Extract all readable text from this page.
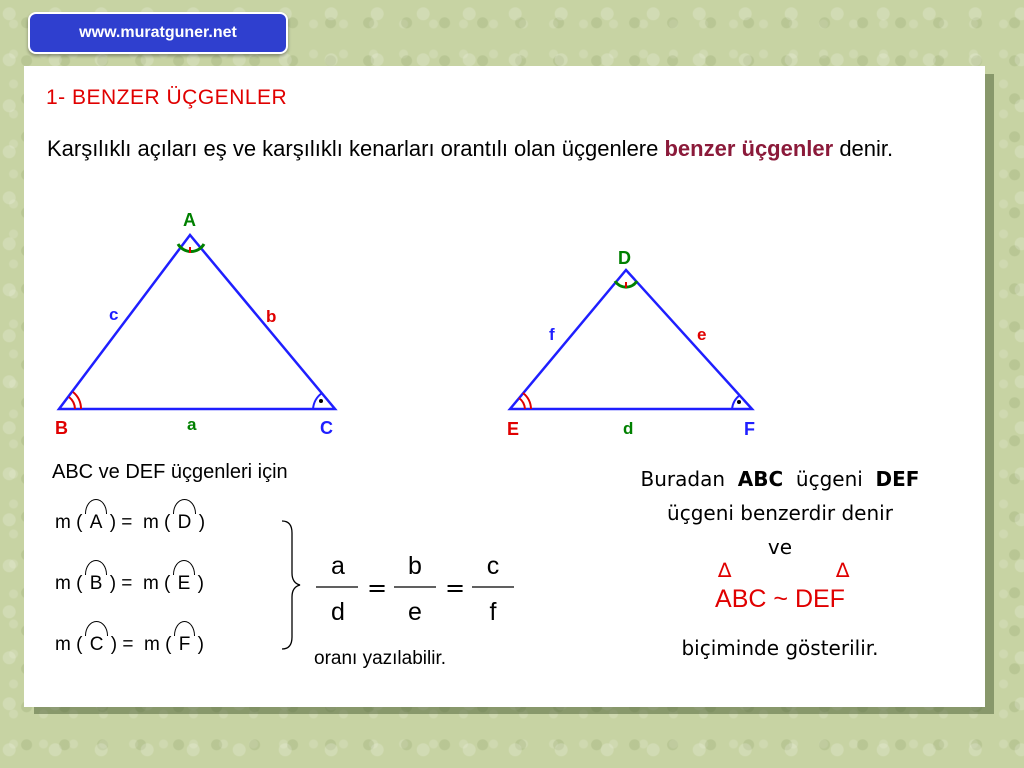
www.muratguner.net
1- BENZER ÜÇGENLER
Karşılıklı açıları eş ve karşılıklı kenarları orantılı olan üçgenlere benzer üçgenler denir.
A
B	C
c	b
a
D
E	F
f	e
d
a
d
=
b
e
=
c
f
ABC ve DEF üçgenleri için
m ( A ) = m ( D )
m ( B ) = m ( E )
m ( C ) = m ( F )
oranı yazılabilir.
Buradan ABC üçgeni DEF
üçgeni benzerdir denir
ve
∆	∆
ABC ~ DEF
biçiminde gösterilir.
